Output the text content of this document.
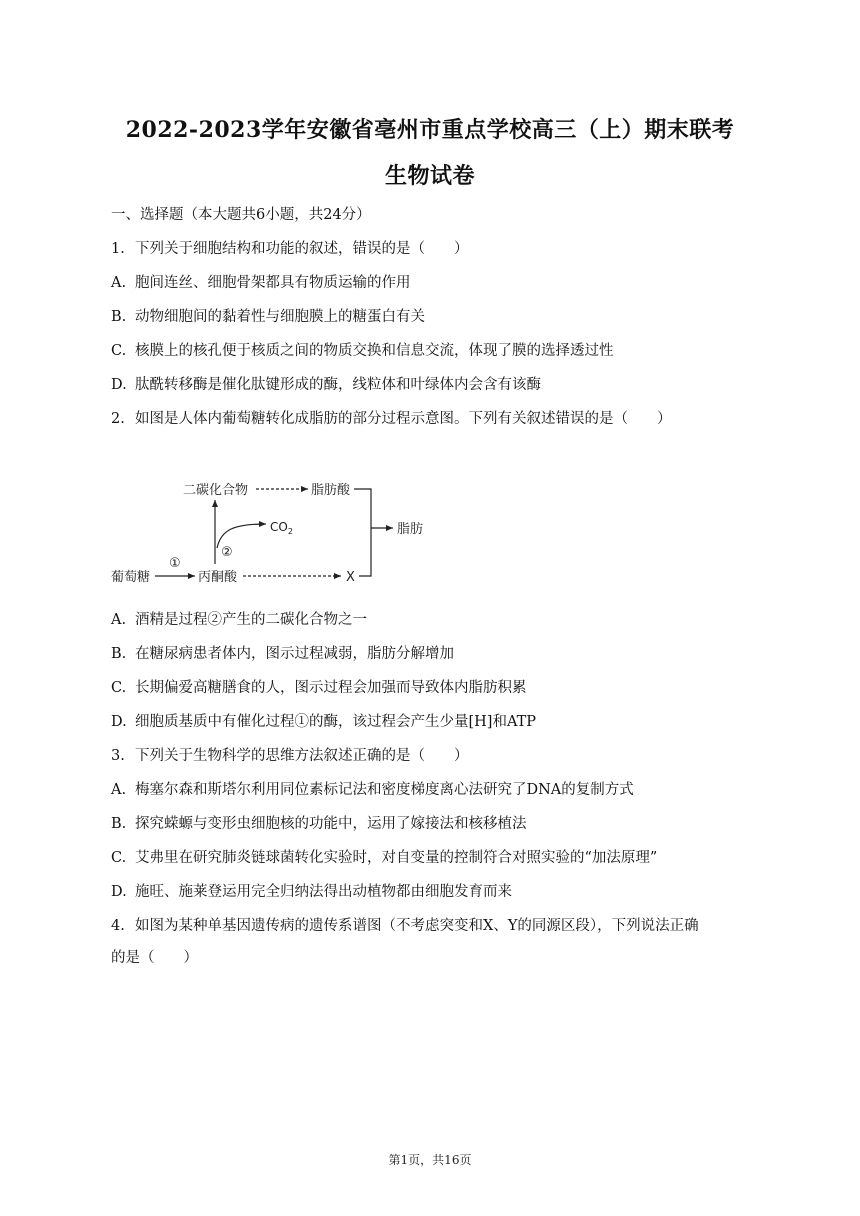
2022-2023学年安徽省亳州市重点学校高三（上）期末联考
生物试卷
一、选择题（本大题共6小题，共24分）
1. 下列关于细胞结构和功能的叙述，错误的是（　　）
A. 胞间连丝、细胞骨架都具有物质运输的作用
B. 动物细胞间的黏着性与细胞膜上的糖蛋白有关
C. 核膜上的核孔便于核质之间的物质交换和信息交流，体现了膜的选择透过性
D. 肽酰转移酶是催化肽键形成的酶，线粒体和叶绿体内会含有该酶
2. 如图是人体内葡萄糖转化成脂肪的部分过程示意图。下列有关叙述错误的是（　　）
葡萄糖
①
丙酮酸	X
二碳化合物	脂肪酸
$CO_2$
②
脂肪
A. 酒精是过程②产生的二碳化合物之一
B. 在糖尿病患者体内，图示过程减弱，脂肪分解增加
C. 长期偏爱高糖膳食的人，图示过程会加强而导致体内脂肪积累
D. 细胞质基质中有催化过程①的酶，该过程会产生少量[H]和ATP
3. 下列关于生物科学的思维方法叙述正确的是（　　）
A. 梅塞尔森和斯塔尔利用同位素标记法和密度梯度离心法研究了DNA的复制方式
B. 探究蝾螈与变形虫细胞核的功能中，运用了嫁接法和核移植法
C. 艾弗里在研究肺炎链球菌转化实验时，对自变量的控制符合对照实验的“加法原理”
D. 施旺、施莱登运用完全归纳法得出动植物都由细胞发育而来
4. 如图为某种单基因遗传病的遗传系谱图（不考虑突变和X、Y的同源区段），下列说法正确
的是（　　）
第1页，共16页
